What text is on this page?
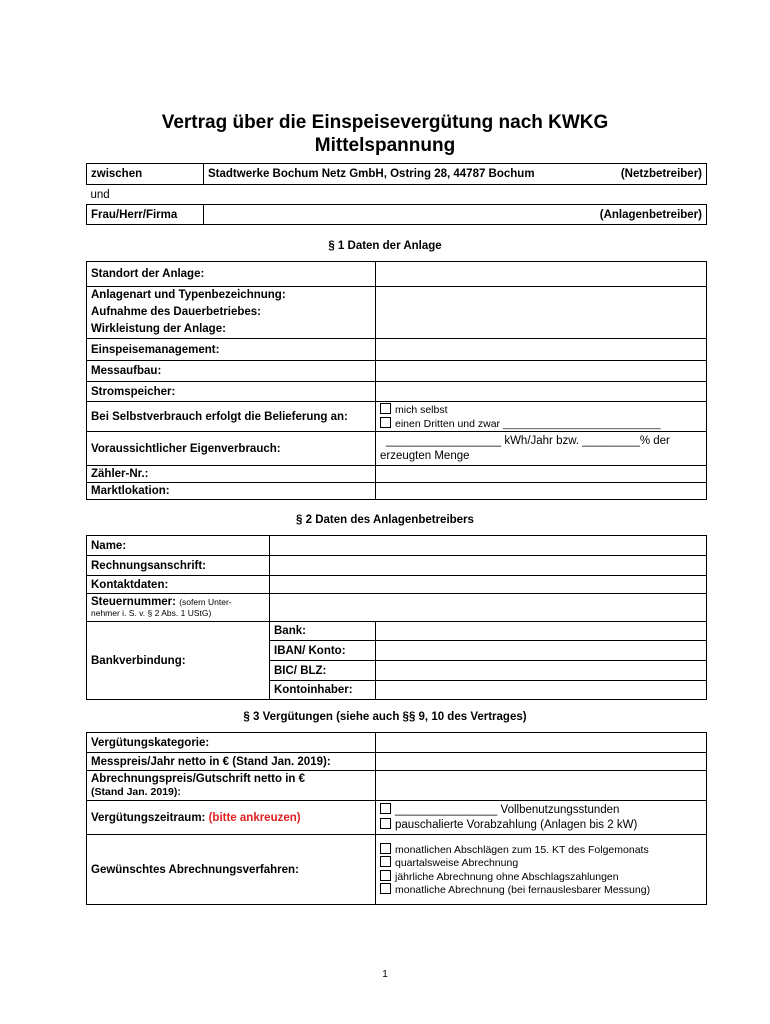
Vertrag über die Einspeisevergütung nach KWKG
Mittelspannung
zwischen	Stadtwerke Bochum Netz GmbH, Ostring 28, 44787 Bochum (Netzbetreiber)

und	
Frau/Herr/Firma	(Anlagenbetreiber)
§ 1 Daten der Anlage
Standort der Anlage:	

Anlagenart und Typenbezeichnung:
Aufnahme des Dauerbetriebes:
Wirkleistung der Anlage:	

Einspeisemanagement:	
Messaufbau:	
Stromspeicher:	
Bei Selbstverbrauch erfolgt die Belieferung an:	mich selbst
einen Dritten und zwar ___________________________

Voraussichtlicher Eigenverbrauch:	__________________ kWh/Jahr bzw. _________% der
erzeugten Menge

Zähler-Nr.:	
Marktlokation:	
§ 2 Daten des Anlagenbetreibers
Name:		
Rechnungsanschrift:		
Kontaktdaten:		

Steuernummer: (sofern Unter-
nehmer i. S. v. § 2 Abs. 1 UStG)		

Bankverbindung:	Bank:	
	IBAN/ Konto:	
	BIC/ BLZ:	
	Kontoinhaber:	
§ 3 Vergütungen (siehe auch §§ 9, 10 des Vertrages)
Vergütungskategorie:	
Messpreis/Jahr netto in € (Stand Jan. 2019):	

Abrechnungspreis/Gutschrift netto in €
(Stand Jan. 2019):	

Vergütungszeitraum: (bitte ankreuzen)	________________ Vollbenutzungsstunden
pauschalierte Vorabzahlung (Anlagen bis 2 kW)

Gewünschtes Abrechnungsverfahren:	monatlichen Abschlägen zum 15. KT des Folgemonats
quartalsweise Abrechnung
jährliche Abrechnung ohne Abschlagszahlungen
monatliche Abrechnung (bei fernauslesbarer Messung)
1
